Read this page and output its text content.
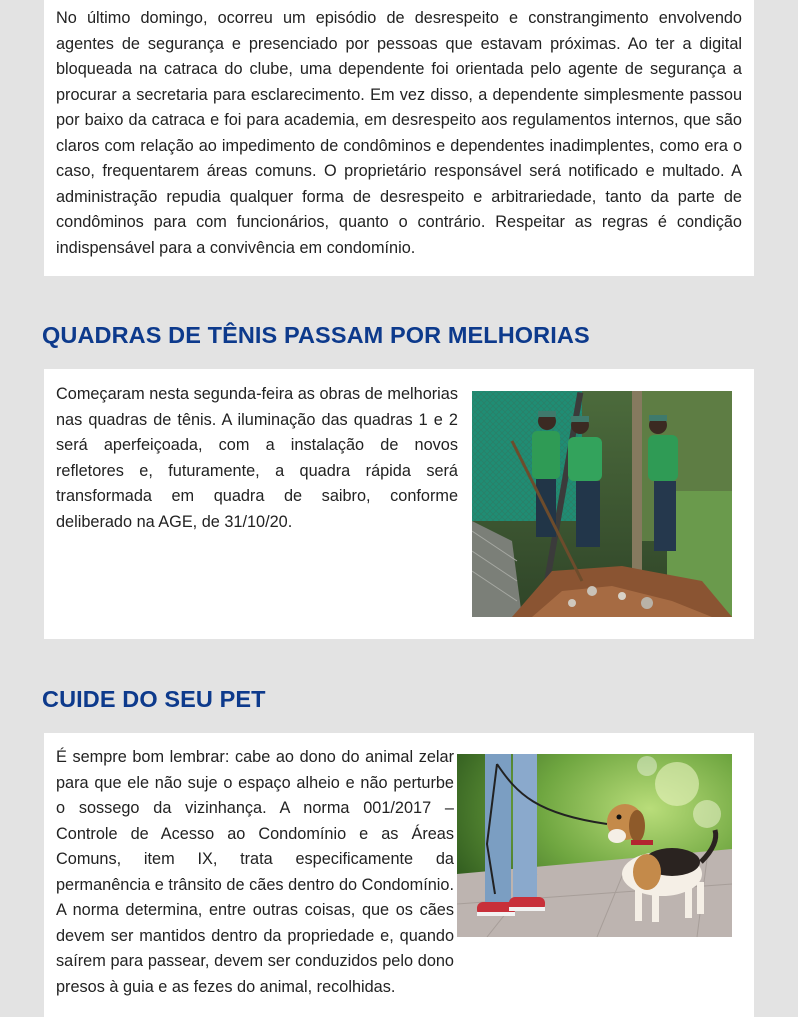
No último domingo, ocorreu um episódio de desrespeito e constrangimento envolvendo agentes de segurança e presenciado por pessoas que estavam próximas. Ao ter a digital bloqueada na catraca do clube, uma dependente foi orientada pelo agente de segurança a procurar a secretaria para esclarecimento. Em vez disso, a dependente simplesmente passou por baixo da catraca e foi para academia, em desrespeito aos regulamentos internos, que são claros com relação ao impedimento de condôminos e dependentes inadimplentes, como era o caso, frequentarem áreas comuns. O proprietário responsável será notificado e multado. A administração repudia qualquer forma de desrespeito e arbitrariedade, tanto da parte de condôminos para com funcionários, quanto o contrário. Respeitar as regras é condição indispensável para a convivência em condomínio.

QUADRAS DE TÊNIS PASSAM POR MELHORIAS

Começaram nesta segunda-feira as obras de melhorias nas quadras de tênis. A iluminação das quadras 1 e 2 será aperfeiçoada, com a instalação de novos refletores e, futuramente, a quadra rápida será transformada em quadra de saibro, conforme deliberado na AGE, de 31/10/20.

CUIDE DO SEU PET

É sempre bom lembrar: cabe ao dono do animal zelar para que ele não suje o espaço alheio e não perturbe o sossego da vizinhança. A norma 001/2017 – Controle de Acesso ao Condomínio e as Áreas Comuns, item IX, trata especificamente da permanência e trânsito de cães dentro do Condomínio. A norma determina, entre outras coisas, que os cães devem ser mantidos dentro da propriedade e, quando saírem para passear, devem ser conduzidos pelo dono presos à guia e as fezes do animal, recolhidas.
